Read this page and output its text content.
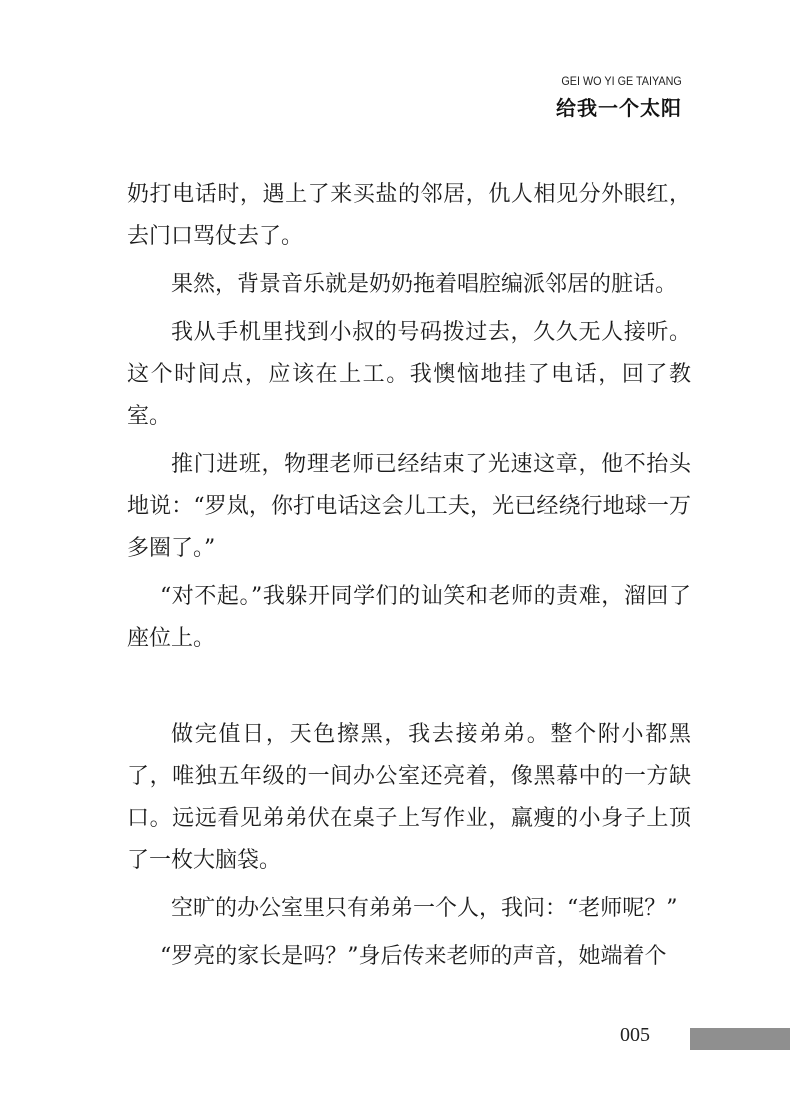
GEI WO YI GE TAIYANG
给我一个太阳

奶打电话时，遇上了来买盐的邻居，仇人相见分外眼红，去门口骂仗去了。

果然，背景音乐就是奶奶拖着唱腔编派邻居的脏话。

我从手机里找到小叔的号码拨过去，久久无人接听。这个时间点，应该在上工。我懊恼地挂了电话，回了教室。

推门进班，物理老师已经结束了光速这章，他不抬头地说：“罗岚，你打电话这会儿工夫，光已经绕行地球一万多圈了。”

“对不起。”我躲开同学们的讪笑和老师的责难，溜回了座位上。

做完值日，天色擦黑，我去接弟弟。整个附小都黑了，唯独五年级的一间办公室还亮着，像黑幕中的一方缺口。远远看见弟弟伏在桌子上写作业，羸瘦的小身子上顶了一枚大脑袋。

空旷的办公室里只有弟弟一个人，我问：“老师呢？”

“罗亮的家长是吗？”身后传来老师的声音，她端着个

005
